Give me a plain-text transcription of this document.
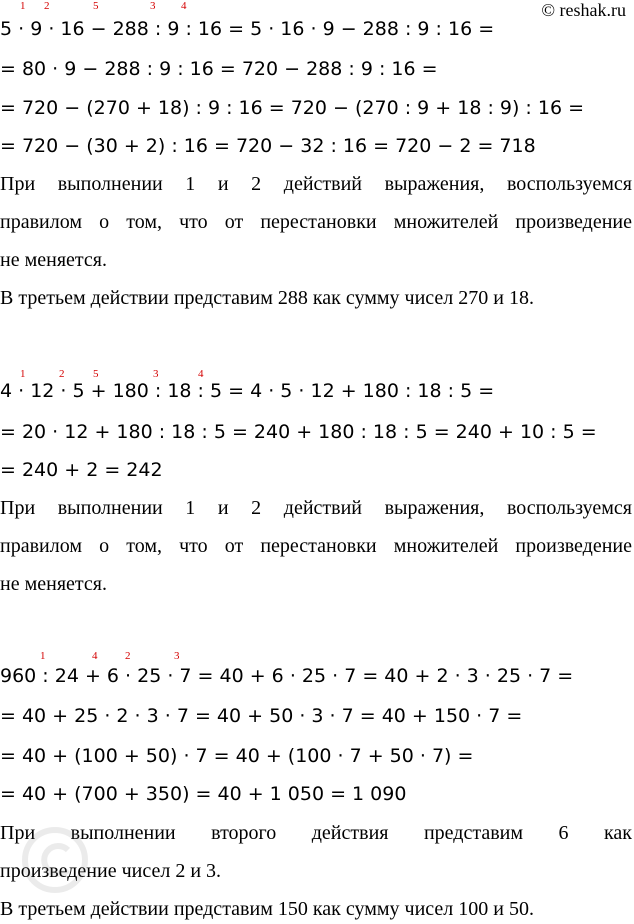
© reshak.ru
1 2	5	3 4
5 · 9 · 16 − 288 : 9 : 16 = 5 · 16 · 9 − 288 : 9 : 16 =
= 80 · 9 − 288 : 9 : 16 = 720 − 288 : 9 : 16 =
= 720 − (270 + 18) : 9 : 16 = 720 − (270 : 9 + 18 : 9) : 16 =
= 720 − (30 + 2) : 16 = 720 − 32 : 16 = 720 − 2 = 718
При выполнении 1 и 2 действий выражения, воспользуемся
правилом о том, что от перестановки множителей произведение
не меняется.
В третьем действии представим 288 как сумму чисел 270 и 18.
1	2	5	3	4
4 · 12 · 5 + 180 : 18 : 5 = 4 · 5 · 12 + 180 : 18 : 5 =
= 20 · 12 + 180 : 18 : 5 = 240 + 180 : 18 : 5 = 240 + 10 : 5 =
= 240 + 2 = 242
При выполнении 1 и 2 действий выражения, воспользуемся
правилом о том, что от перестановки множителей произведение
не меняется.
1	4	2	3
960 : 24 + 6 · 25 · 7 = 40 + 6 · 25 · 7 = 40 + 2 · 3 · 25 · 7 =
= 40 + 25 · 2 · 3 · 7 = 40 + 50 · 3 · 7 = 40 + 150 · 7 =
= 40 + (100 + 50) · 7 = 40 + (100 · 7 + 50 · 7) =
= 40 + (700 + 350) = 40 + 1 050 = 1 090
При выполнении второго действия представим 6 как
произведение чисел 2 и 3.
В третьем действии представим 150 как сумму чисел 100 и 50.
